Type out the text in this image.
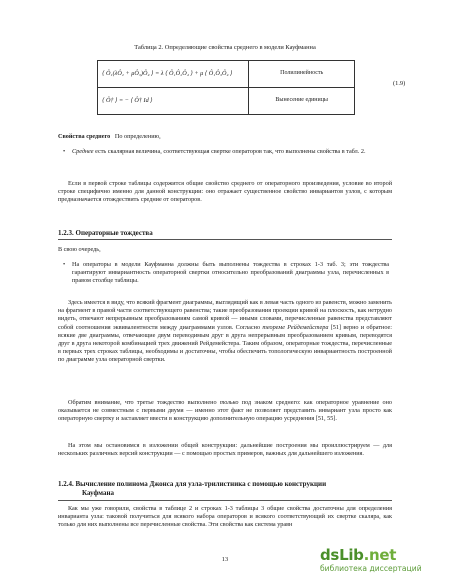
Таблица 2. Определяющие свойства среднего в модели Кауфманна
⟨ Ô₁(λÔ₂ + μÔ₃)Ô₄ ⟩ = λ ⟨ Ô₁Ô₂Ô₄ ⟩ + μ ⟨ Ô₁Ô₃Ô₄ ⟩	Полилинейность
⟨ Ô† ⟩ = − ⟨ Ô† Id ⟩	Вынесение единицы
(1.9)
Свойства среднего По определению,
• Среднее есть скалярная величина, соответствующая свертке операторов так, что выполнены свойства в табл. 2.
Если в первой строке таблицы содержится общие свойство среднего от операторного произведения, условие во второй строке специфично именно для данной конструкции: оно отражает существенное свойство инвариантов узлов, с которым предназначается отождествить средние от операторов.
1.2.3. Операторные тождества
В свою очередь,
• На операторы в модели Кауфманна должны быть выполнены тождества в строках 1-3 таб. 3; эти тождества гарантируют инвариантность операторной свертки относительно преобразований диаграммы узла, перечисленных в правом столбце таблицы.
Здесь имеется в виду, что всякий фрагмент диаграммы, выглядящий как в левая часть одного из равенств, можно заменить на фрагмент в правой части соответствующего равенства; такие преобразования проекции кривой на плоскость, как нетрудно видеть, отвечают непрерывным преобразованиям самой кривой — иными словами, перечисленные равенства представляют собой соотношения эквивалентности между диаграммами узлов. Согласно теореме Рейдемейстера [51] верно и обратное: всякие две диаграммы, отвечающие двум переводимым друг в друга непрерывным преобразованием кривым, переводятся друг в друга некоторой комбинацией трех движений Рейдемейстера. Таким образом, операторные тождества, перечисленные в первых трех строках таблицы, необходимы и достаточны, чтобы обеспечить топологическую инвариантность построенной по диаграмме узла операторной свертки.
Обратим внимание, что третье тождество выполнено только под знаком среднего: как операторное уравнение оно оказывается не совместным с первыми двумя — именно этот факт не позволяет представить инвариант узла просто как операторную свертку и заставляет ввести в конструкцию дополнительную операцию усреднения [51, 55].
На этом мы остановимся в изложении общей конструкции: дальнейшие построения мы проиллюстрируем — для нескольких различных версий конструкции — с помощью простых примеров, важных для дальнейшего изложения.
1.2.4. Вычисление полинома Джонса для узла-трилистника с помощью конструкции
Кауфмана
Как мы уже говорили, свойства в таблице 2 и строках 1-3 таблицы 3 общие свойства достаточны для определения инварианта узла: таковой получиться для всякого набора операторов и всякого соответствующий их свертке скаляра, как только для них выполнены все перечисленные свойства. Эти свойства как система уравн
13	dsLib.net
библиотека диссертаций
